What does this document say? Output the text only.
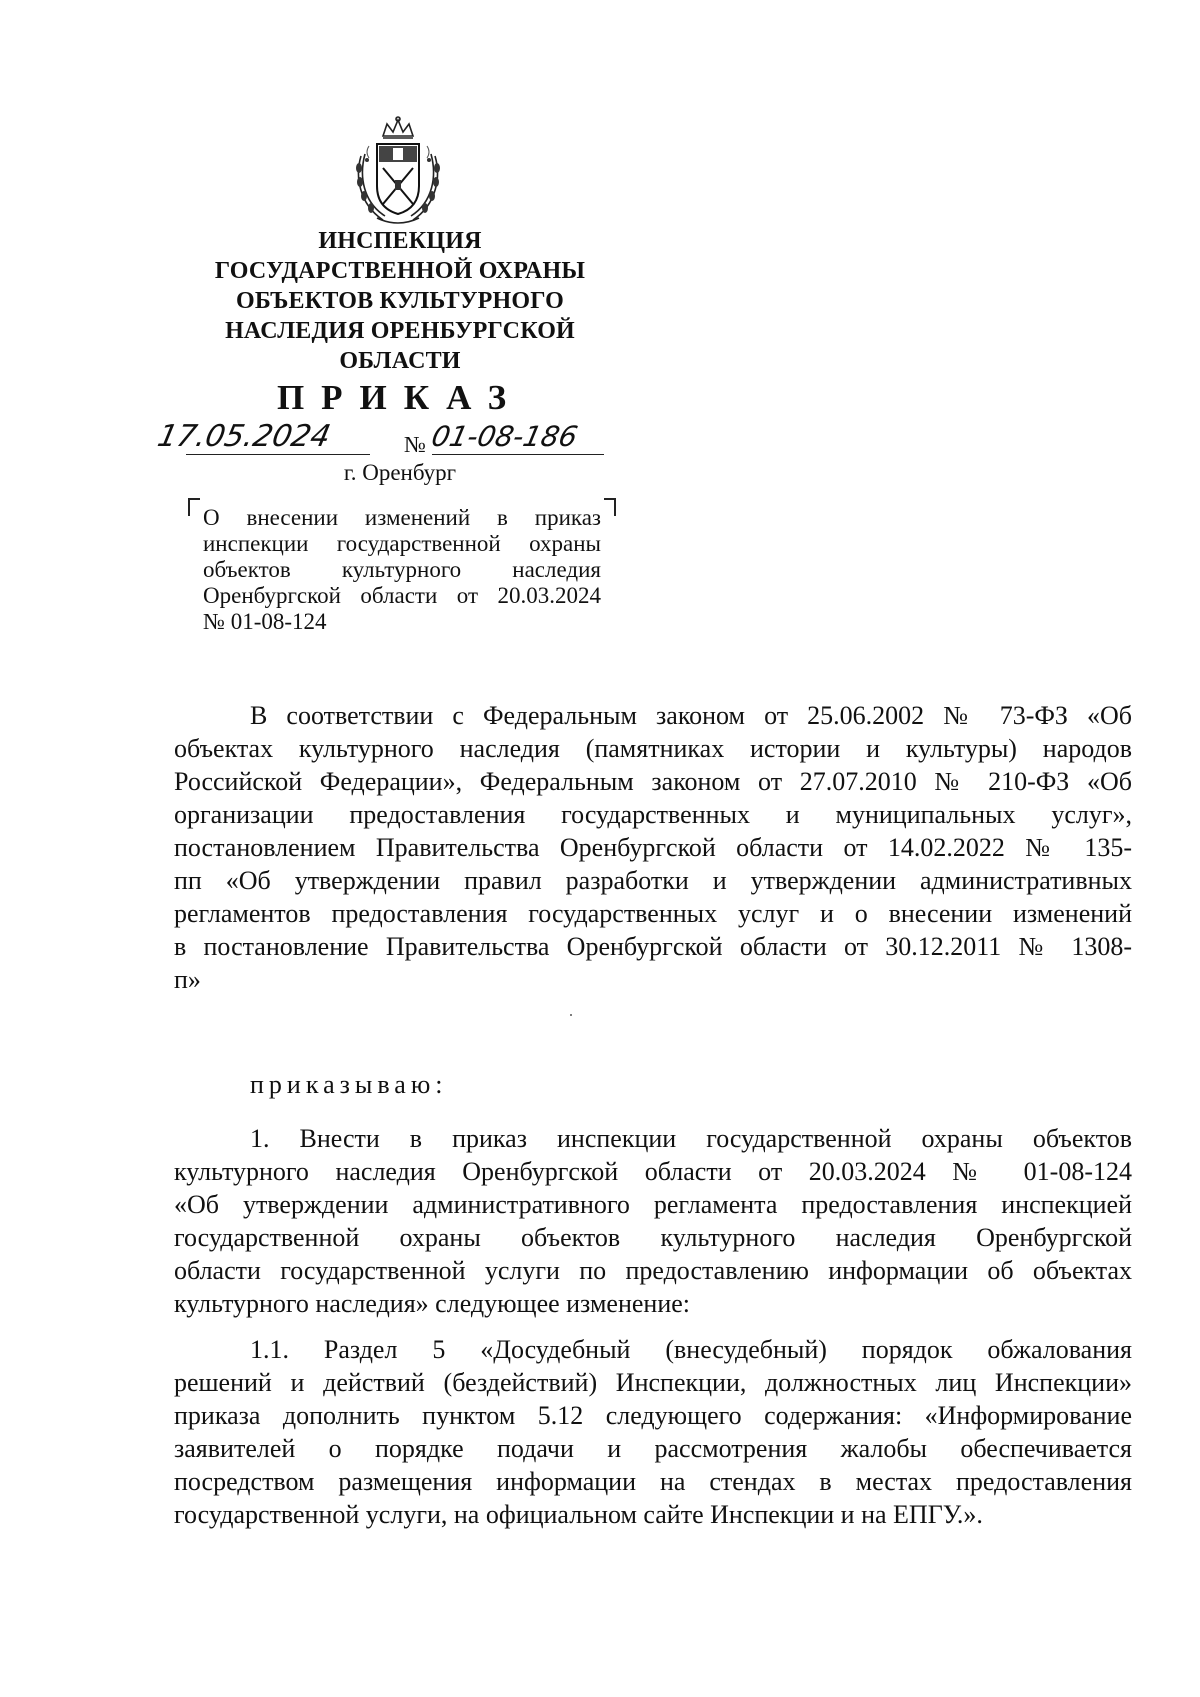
ИНСПЕКЦИЯ
ГОСУДАРСТВЕННОЙ ОХРАНЫ
ОБЪЕКТОВ КУЛЬТУРНОГО
НАСЛЕДИЯ ОРЕНБУРГСКОЙ
ОБЛАСТИ
ПРИКАЗ
17.05.2024	№ 01-08-186
г. Оренбург
О внесении изменений в приказ
инспекции государственной охраны
объектов культурного наследия
Оренбургской области от 20.03.2024
№ 01-08-124
В соответствии с Федеральным законом от 25.06.2002 № 73-ФЗ «Об
объектах культурного наследия (памятниках истории и культуры) народов
Российской Федерации», Федеральным законом от 27.07.2010 № 210-ФЗ «Об
организации предоставления государственных и муниципальных услуг»,
постановлением Правительства Оренбургской области от 14.02.2022 № 135-
пп «Об утверждении правил разработки и утверждении административных
регламентов предоставления государственных услуг и о внесении изменений
в постановление Правительства Оренбургской области от 30.12.2011 № 1308-
п»
приказываю:
1. Внести в приказ инспекции государственной охраны объектов
культурного наследия Оренбургской области от 20.03.2024 № 01-08-124
«Об утверждении административного регламента предоставления инспекцией
государственной охраны объектов культурного наследия Оренбургской
области государственной услуги по предоставлению информации об объектах
культурного наследия» следующее изменение:
1.1. Раздел 5 «Досудебный (внесудебный) порядок обжалования
решений и действий (бездействий) Инспекции, должностных лиц Инспекции»
приказа дополнить пунктом 5.12 следующего содержания: «Информирование
заявителей о порядке подачи и рассмотрения жалобы обеспечивается
посредством размещения информации на стендах в местах предоставления
государственной услуги, на официальном сайте Инспекции и на ЕПГУ.».
